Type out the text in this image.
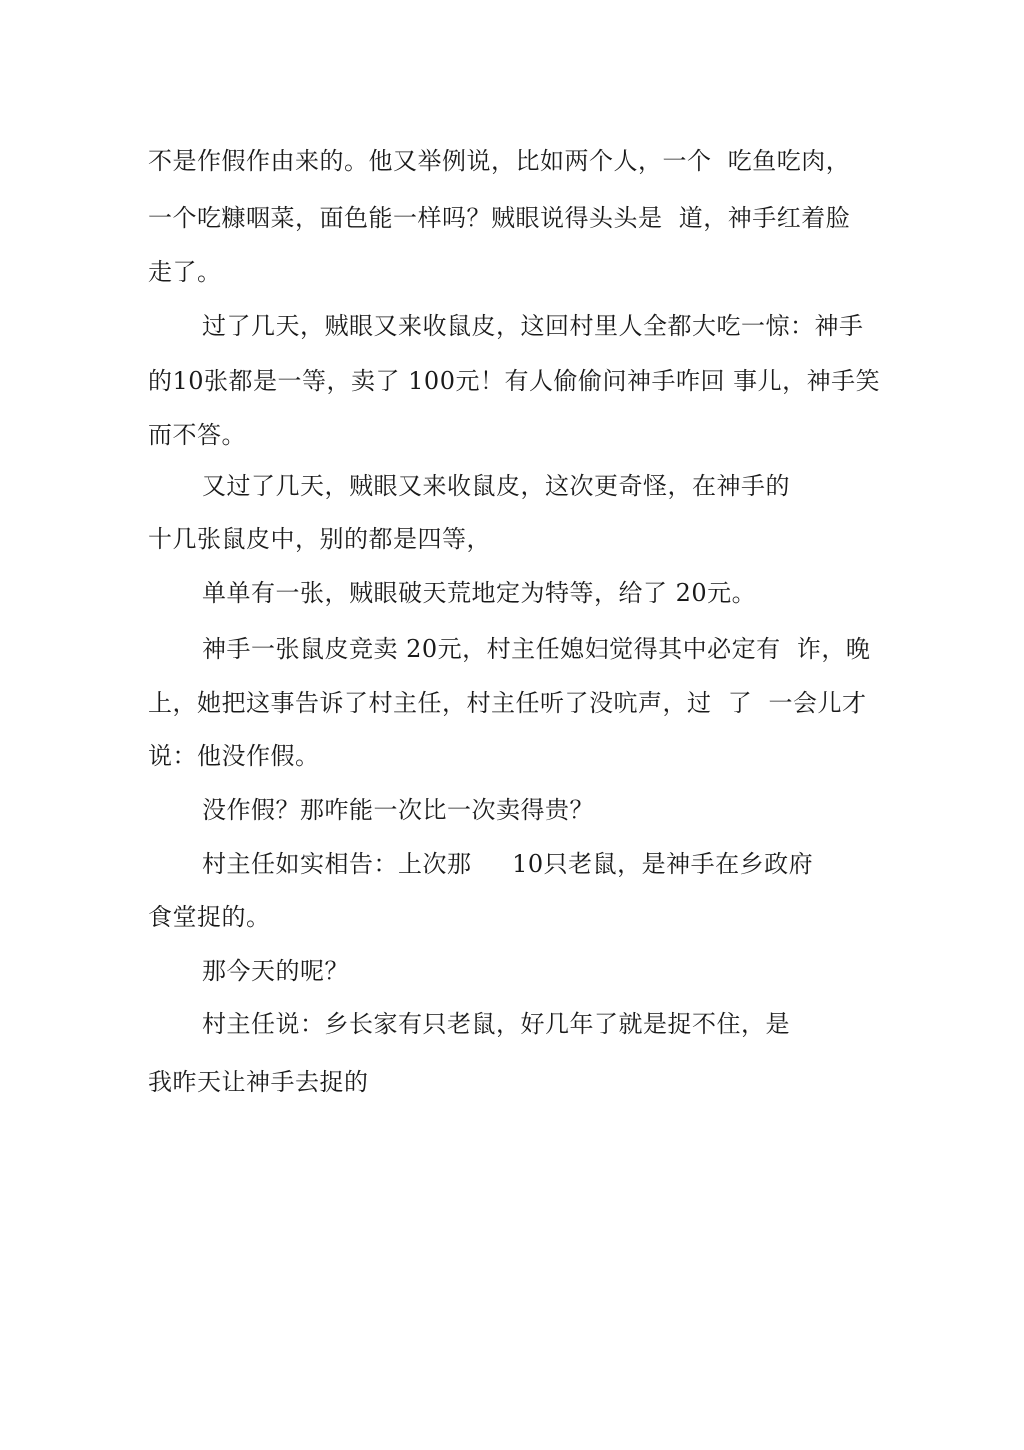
不是作假作由来的。他又举例说，比如两个人，一个  吃鱼吃肉，
一个吃糠咽菜，面色能一样吗？贼眼说得头头是  道，神手红着脸
走了。
过了几天，贼眼又来收鼠皮，这回村里人全都大吃一惊：神手
的10张都是一等，卖了 100元！有人偷偷问神手咋回 事儿，神手笑
而不答。
又过了几天，贼眼又来收鼠皮，这次更奇怪，在神手的
十几张鼠皮中，别的都是四等，
单单有一张，贼眼破天荒地定为特等，给了 20元。
神手一张鼠皮竞卖 20元，村主任媳妇觉得其中必定有  诈，晚
上，她把这事告诉了村主任，村主任听了没吭声，过  了  一会儿才
说：他没作假。
没作假？那咋能一次比一次卖得贵？
村主任如实相告：上次那     10只老鼠，是神手在乡政府
食堂捉的。
那今天的呢？
村主任说：乡长家有只老鼠，好几年了就是捉不住，是
我昨天让神手去捉的
